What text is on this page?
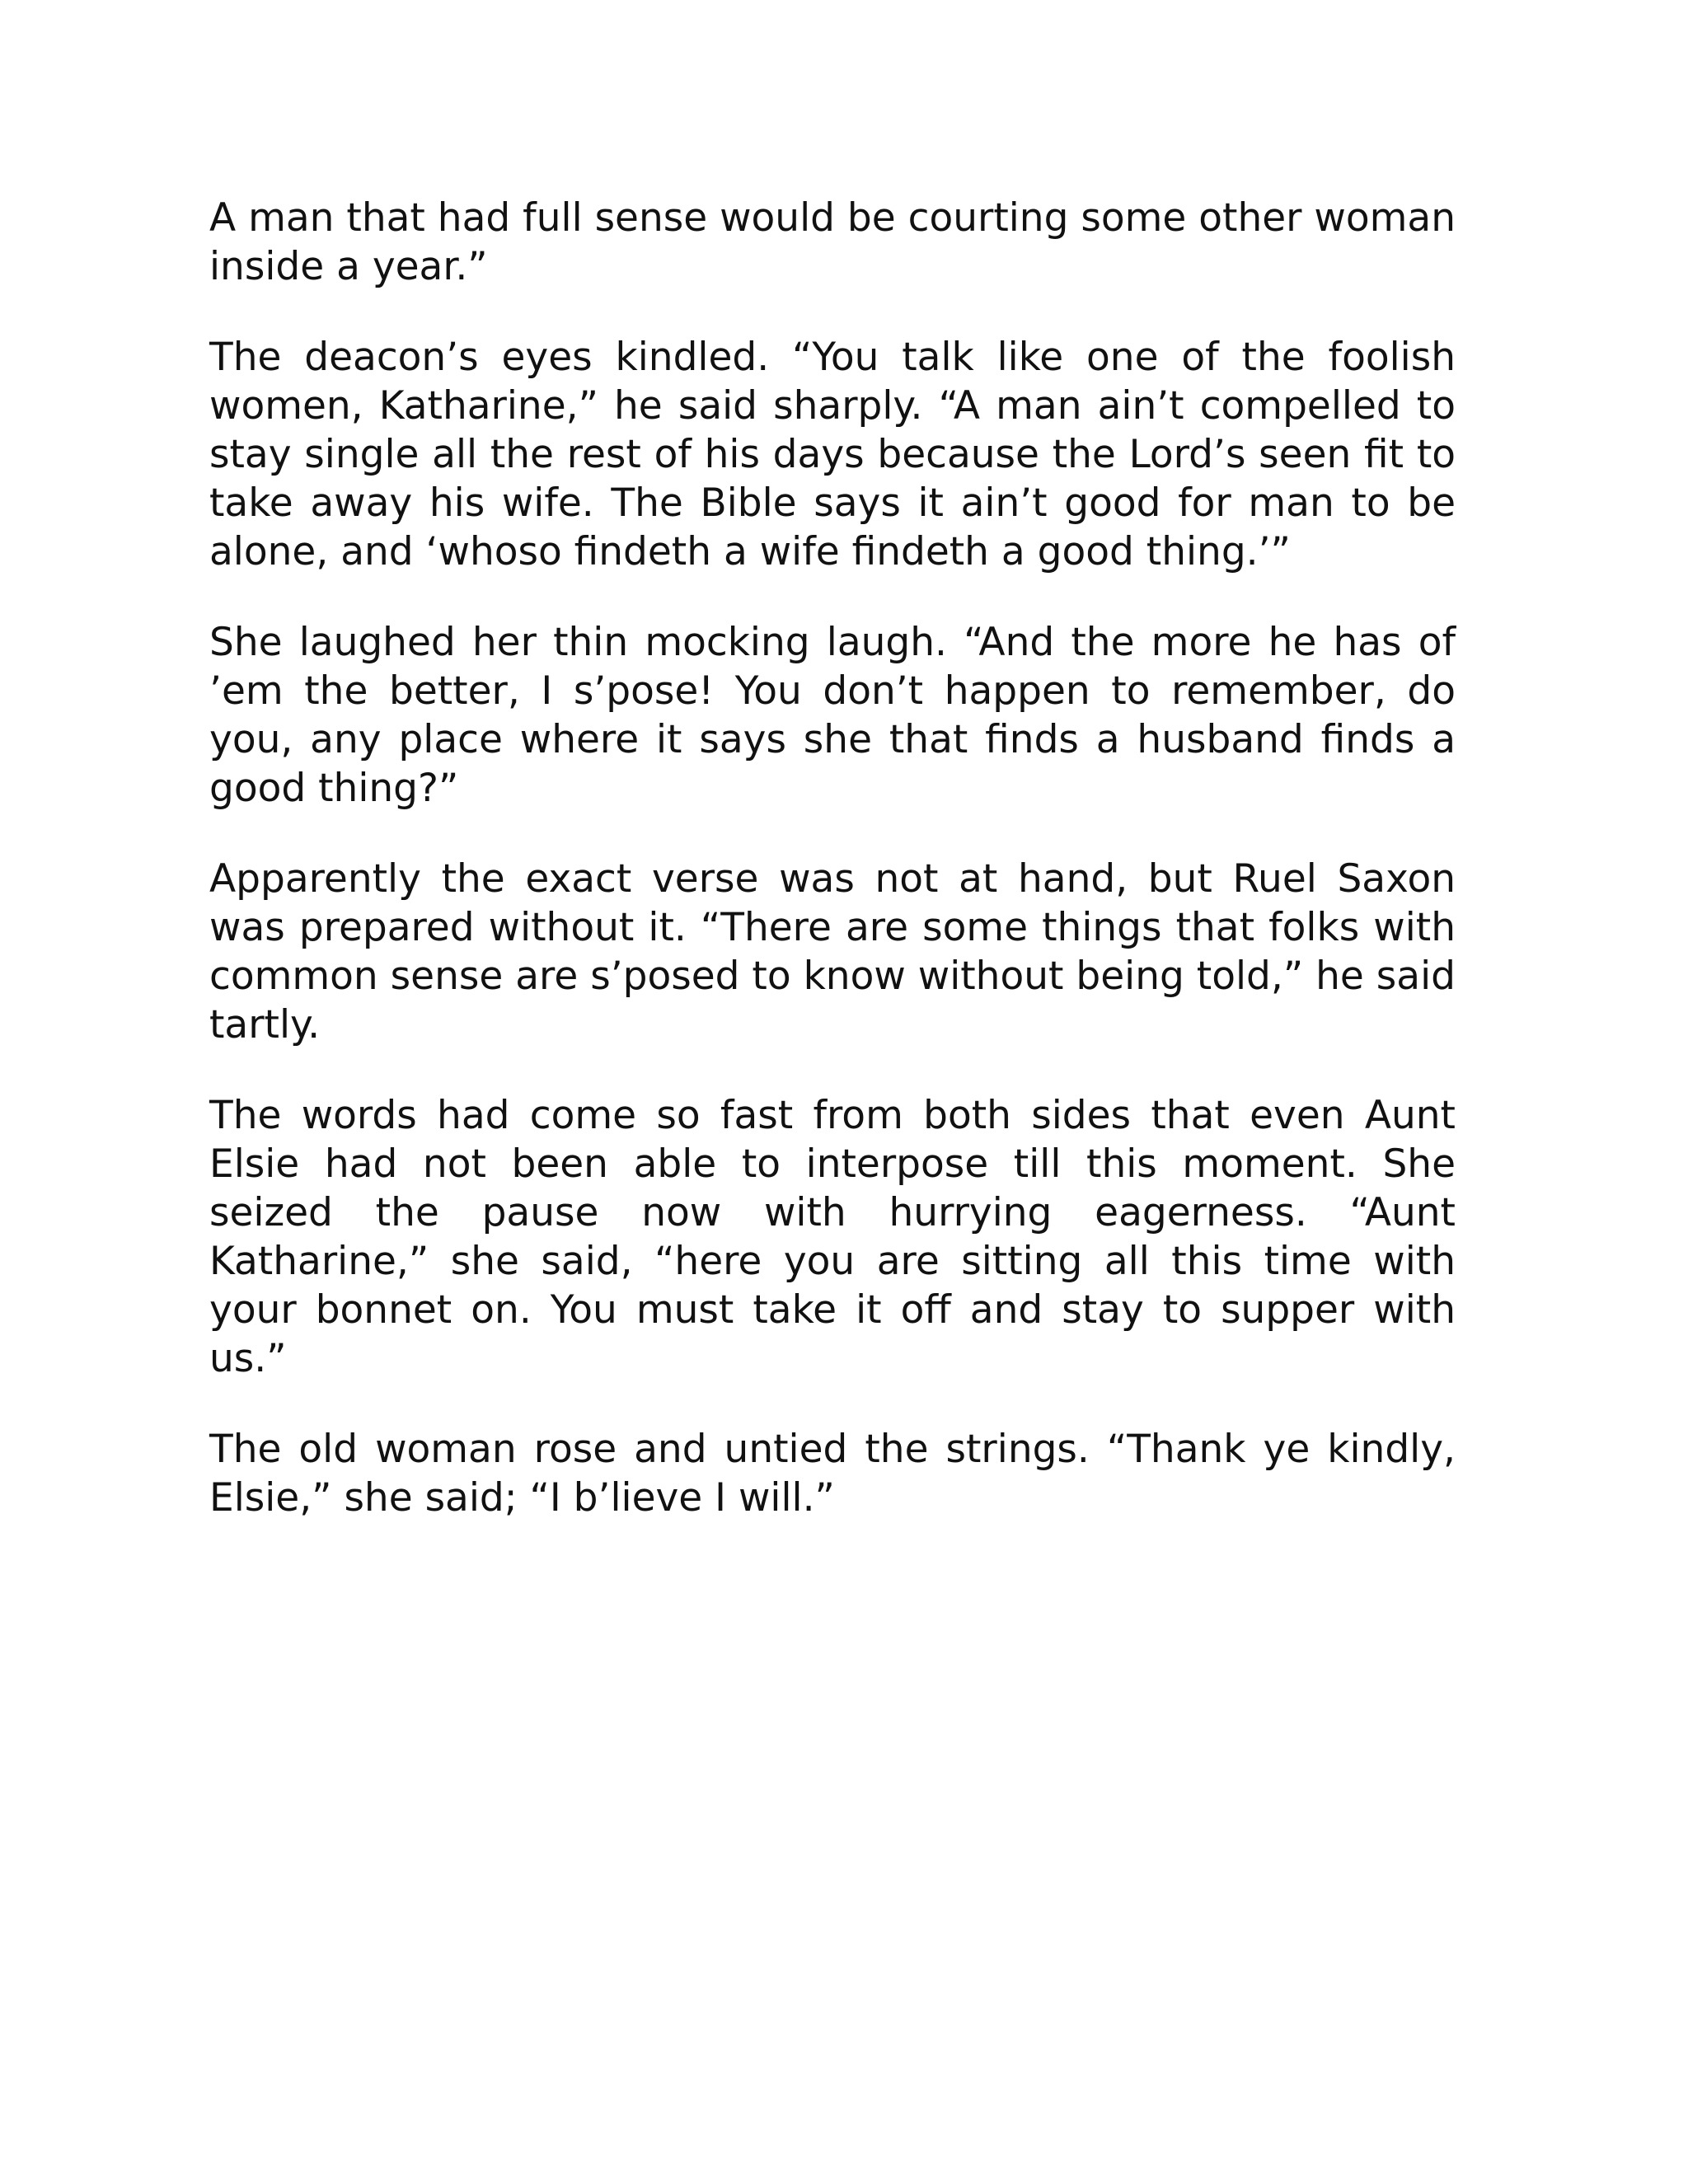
A man that had full sense would be courting some other woman inside a year.”

The deacon’s eyes kindled. “You talk like one of the foolish women, Katharine,” he said sharply. “A man ain’t compelled to stay single all the rest of his days because the Lord’s seen fit to take away his wife. The Bible says it ain’t good for man to be alone, and ‘whoso findeth a wife findeth a good thing.’”

She laughed her thin mocking laugh. “And the more he has of ’em the better, I s’pose! You don’t happen to remember, do you, any place where it says she that finds a husband finds a good thing?”

Apparently the exact verse was not at hand, but Ruel Saxon was prepared without it. “There are some things that folks with common sense are s’posed to know without being told,” he said tartly.

The words had come so fast from both sides that even Aunt Elsie had not been able to interpose till this moment. She seized the pause now with hurrying eagerness. “Aunt Katharine,” she said, “here you are sitting all this time with your bonnet on. You must take it off and stay to supper with us.”

The old woman rose and untied the strings. “Thank ye kindly, Elsie,” she said; “I b’lieve I will.”
